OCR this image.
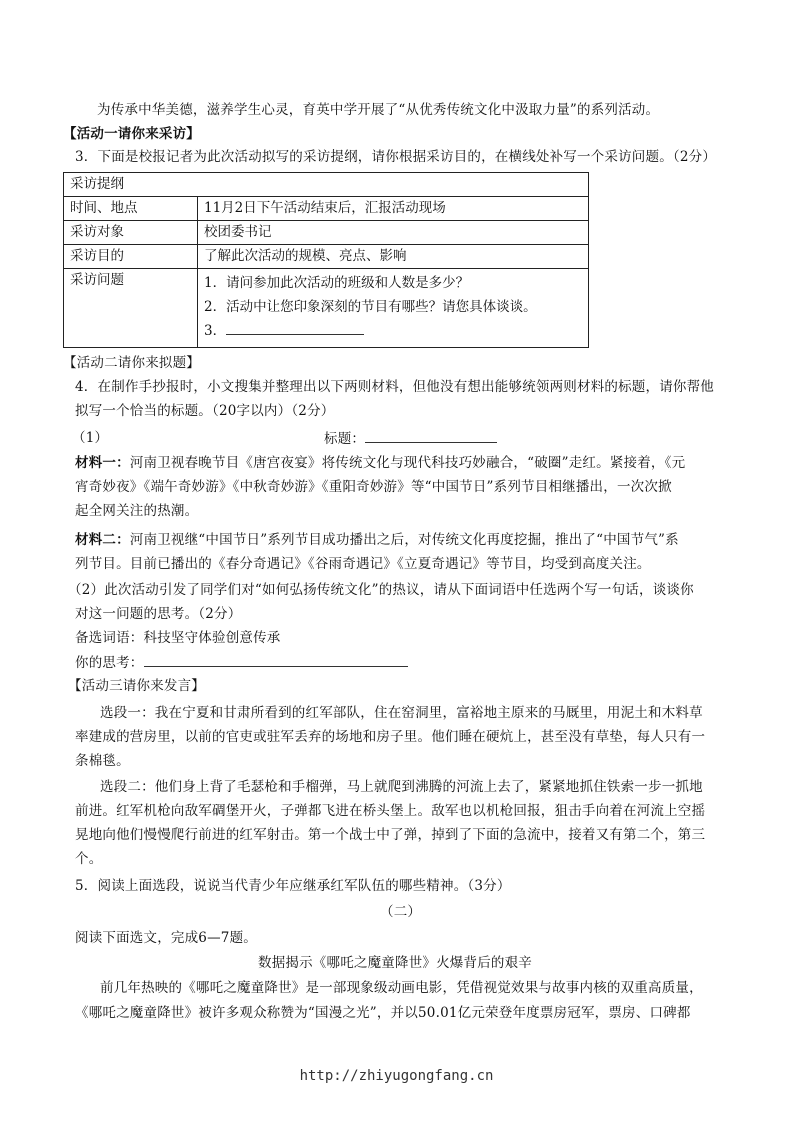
为传承中华美德，滋养学生心灵，育英中学开展了“从优秀传统文化中汲取力量”的系列活动。
【活动一请你来采访】
3．下面是校报记者为此次活动拟写的采访提纲，请你根据采访目的，在横线处补写一个采访问题。（2分）
采访提纲	
时间、地点	11月2日下午活动结束后，汇报活动现场
采访对象	校团委书记
采访目的	了解此次活动的规模、亮点、影响
采访问题	1．请问参加此次活动的班级和人数是多少？
2．活动中让您印象深刻的节目有哪些？请您具体谈谈。
3．
【活动二请你来拟题】
4．在制作手抄报时，小文搜集并整理出以下两则材料，但他没有想出能够统领两则材料的标题，请你帮他
拟写一个恰当的标题。（20字以内）（2分）
（1）	标题：
材料一：河南卫视春晚节目《唐宫夜宴》将传统文化与现代科技巧妙融合，“破圈”走红。紧接着，《元
宵奇妙夜》《端午奇妙游》《中秋奇妙游》《重阳奇妙游》等“中国节日”系列节目相继播出，一次次掀
起全网关注的热潮。
材料二：河南卫视继“中国节日”系列节目成功播出之后，对传统文化再度挖掘，推出了“中国节气”系
列节目。目前已播出的《春分奇遇记》《谷雨奇遇记》《立夏奇遇记》等节目，均受到高度关注。
（2）此次活动引发了同学们对“如何弘扬传统文化”的热议，请从下面词语中任选两个写一句话，谈谈你
对这一问题的思考。（2分）
备选词语：科技坚守体验创意传承
你的思考：
【活动三请你来发言】
选段一：我在宁夏和甘肃所看到的红军部队，住在窑洞里，富裕地主原来的马厩里，用泥土和木料草
率建成的营房里，以前的官吏或驻军丢弃的场地和房子里。他们睡在硬炕上，甚至没有草垫，每人只有一
条棉毯。
选段二：他们身上背了毛瑟枪和手榴弹，马上就爬到沸腾的河流上去了，紧紧地抓住铁索一步一抓地
前进。红军机枪向敌军碉堡开火，子弹都飞进在桥头堡上。敌军也以机枪回报，狙击手向着在河流上空摇
晃地向他们慢慢爬行前进的红军射击。第一个战士中了弹，掉到了下面的急流中，接着又有第二个，第三
个。
5．阅读上面选段，说说当代青少年应继承红军队伍的哪些精神。（3分）
（二）
阅读下面选文，完成6—7题。
数据揭示《哪吒之魔童降世》火爆背后的艰辛
前几年热映的《哪吒之魔童降世》是一部现象级动画电影，凭借视觉效果与故事内核的双重高质量，
《哪吒之魔童降世》被许多观众称赞为“国漫之光”，并以50.01亿元荣登年度票房冠军，票房、口碑都
http://zhiyugongfang.cn
